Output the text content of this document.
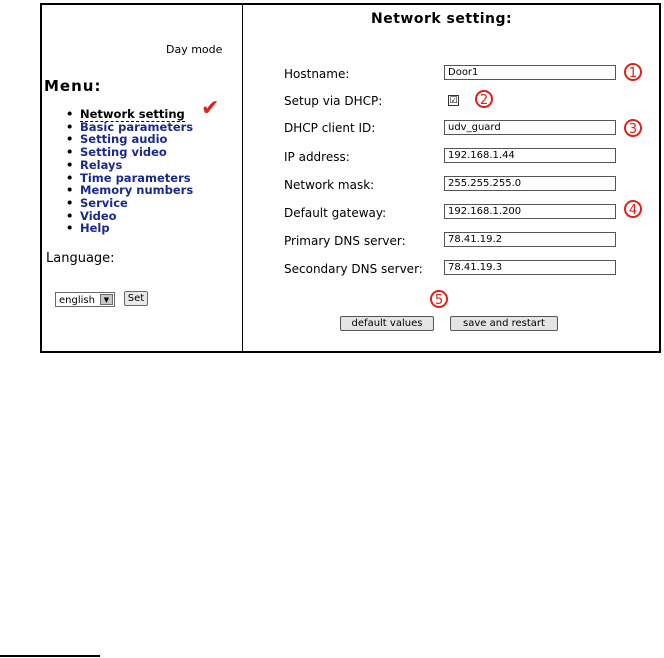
Day mode
Menu:
✔
• Network setting
• Basic parameters
• Setting audio
• Setting video
• Relays
• Time parameters
• Memory numbers
• Service
• Video
• Help
Language:
english	▼	Set
Network setting:
Hostname:	Door1	1
Setup via DHCP:	☑	2
DHCP client ID:	udv_guard	3
IP address:	192.168.1.44
Network mask:	255.255.255.0
Default gateway:	192.168.1.200	4
Primary DNS server:	78.41.19.2
Secondary DNS server:	78.41.19.3
5
default values	save and restart
